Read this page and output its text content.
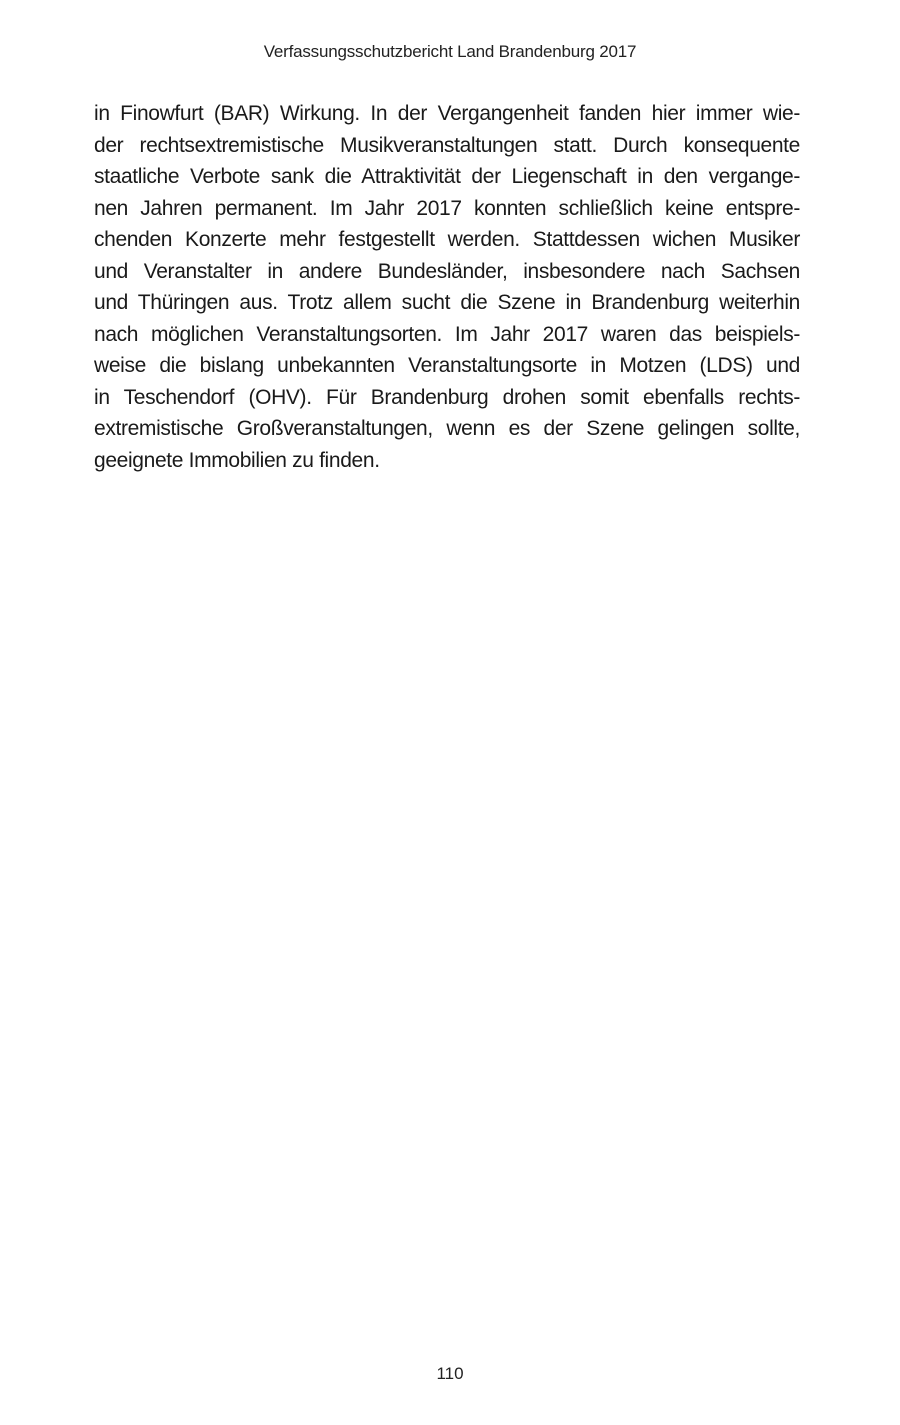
Verfassungsschutzbericht Land Brandenburg 2017

in Finowfurt (BAR) Wirkung. In der Vergangenheit fanden hier immer wie-
der rechtsextremistische Musikveranstaltungen statt. Durch konsequente
staatliche Verbote sank die Attraktivität der Liegenschaft in den vergange-
nen Jahren permanent. Im Jahr 2017 konnten schließlich keine entspre-
chenden Konzerte mehr festgestellt werden. Stattdessen wichen Musiker
und Veranstalter in andere Bundesländer, insbesondere nach Sachsen
und Thüringen aus. Trotz allem sucht die Szene in Brandenburg weiterhin
nach möglichen Veranstaltungsorten. Im Jahr 2017 waren das beispiels-
weise die bislang unbekannten Veranstaltungsorte in Motzen (LDS) und
in Teschendorf (OHV). Für Brandenburg drohen somit ebenfalls rechts-
extremistische Großveranstaltungen, wenn es der Szene gelingen sollte,
geeignete Immobilien zu finden.

110
